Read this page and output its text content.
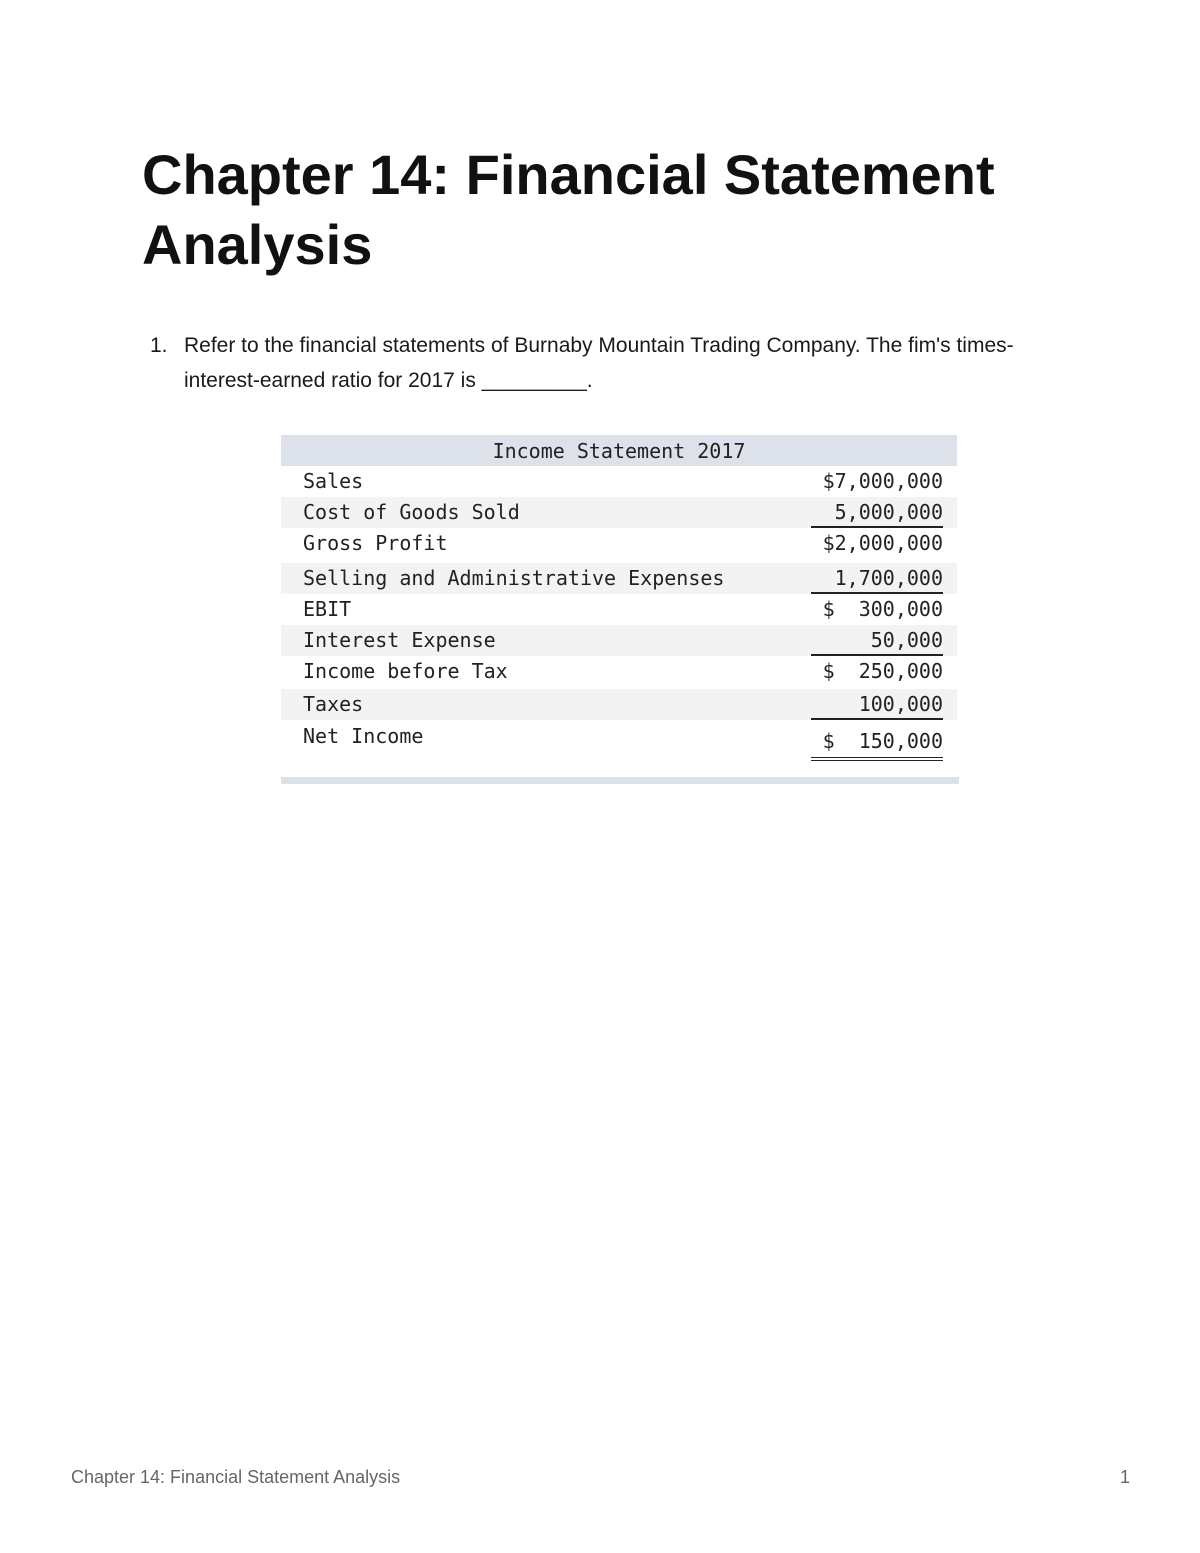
Chapter 14: Financial Statement Analysis
1. Refer to the financial statements of Burnaby Mountain Trading Company. The fim's times-interest-earned ratio for 2017 is _________.
Income Statement 2017
Sales	$7,000,000
Cost of Goods Sold	5,000,000
Gross Profit	$2,000,000
Selling and Administrative Expenses	1,700,000
EBIT	$  300,000
Interest Expense	50,000
Income before Tax	$  250,000
Taxes	100,000
Net Income	$  150,000
Chapter 14: Financial Statement Analysis	1
